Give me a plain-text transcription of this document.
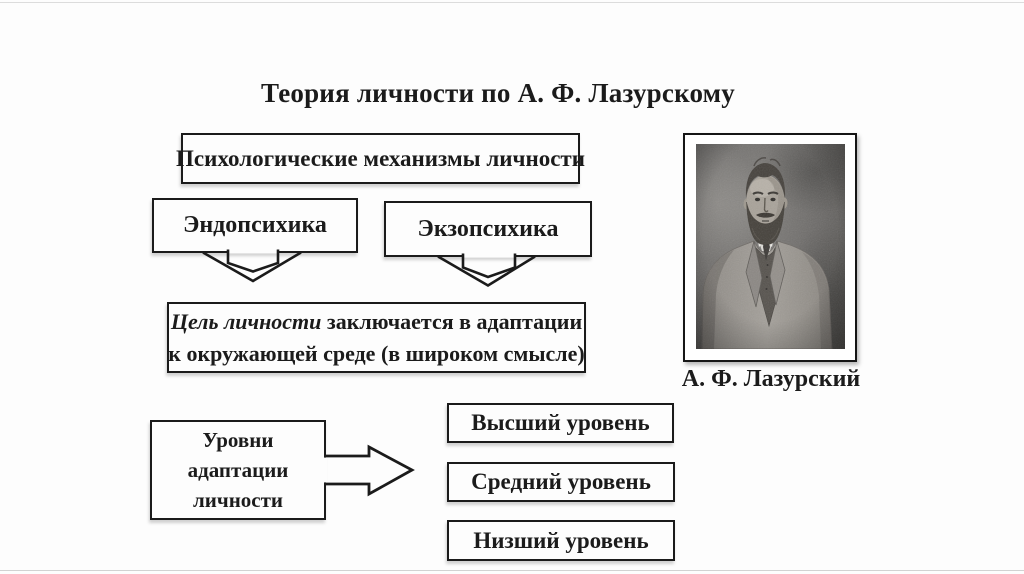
Теория личности по А. Ф. Лазурскому
Психологические механизмы личности
Эндопсихика	Экзопсихика
Цель личности заключается в адаптации
к окружающей среде (в широком смысле)
Уровни
адаптации
личности
Высший уровень
Средний уровень
Низший уровень
А. Ф. Лазурский
